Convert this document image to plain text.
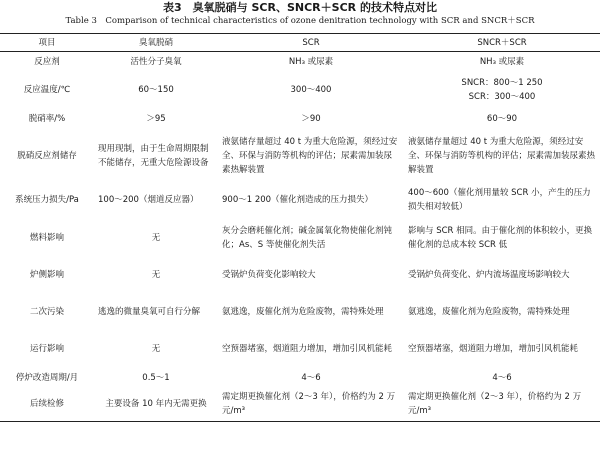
表3　臭氧脱硝与 SCR、SNCR＋SCR 的技术特点对比
Table 3　Comparison of technical characteristics of ozone denitration technology with SCR and SNCR＋SCR
项目	臭氧脱硝	SCR	SNCR＋SCR
反应剂	活性分子臭氧	NH₃ 或尿素	NH₃ 或尿素
反应温度/℃	60～150	300～400	SNCR：800～1 250
SCR：300～400
脱硝率/%	＞95	＞90	60～90
脱硝反应剂储存	现用现制，由于生命周期限制不能储存，无重大危险源设备	液氨储存量超过 40 t 为重大危险源，须经过安全、环保与消防等机构的评估；尿素需加装尿素热解装置	液氨储存量超过 40 t 为重大危险源，须经过安全、环保与消防等机构的评估；尿素需加装尿素热解装置
系统压力损失/Pa	100～200（烟道反应器）	900～1 200（催化剂造成的压力损失）	400～600（催化剂用量较 SCR 小，产生的压力损失相对较低）
燃料影响	无	灰分会磨耗催化剂；碱金属氧化物使催化剂钝化；As、S 等使催化剂失活	影响与 SCR 相同。由于催化剂的体积较小，更换催化剂的总成本较 SCR 低
炉侧影响	无	受锅炉负荷变化影响较大	受锅炉负荷变化、炉内流场温度场影响较大
二次污染	逃逸的微量臭氧可自行分解	氨逃逸，废催化剂为危险废物，需特殊处理	氨逃逸，废催化剂为危险废物，需特殊处理
运行影响	无	空预器堵塞，烟道阻力增加，增加引风机能耗	空预器堵塞，烟道阻力增加，增加引风机能耗
停炉改造周期/月	0.5～1	4～6	4～6
后续检修	主要设备 10 年内无需更换	需定期更换催化剂（2～3 年），价格约为 2 万元/m³	需定期更换催化剂（2～3 年），价格约为 2 万元/m³
